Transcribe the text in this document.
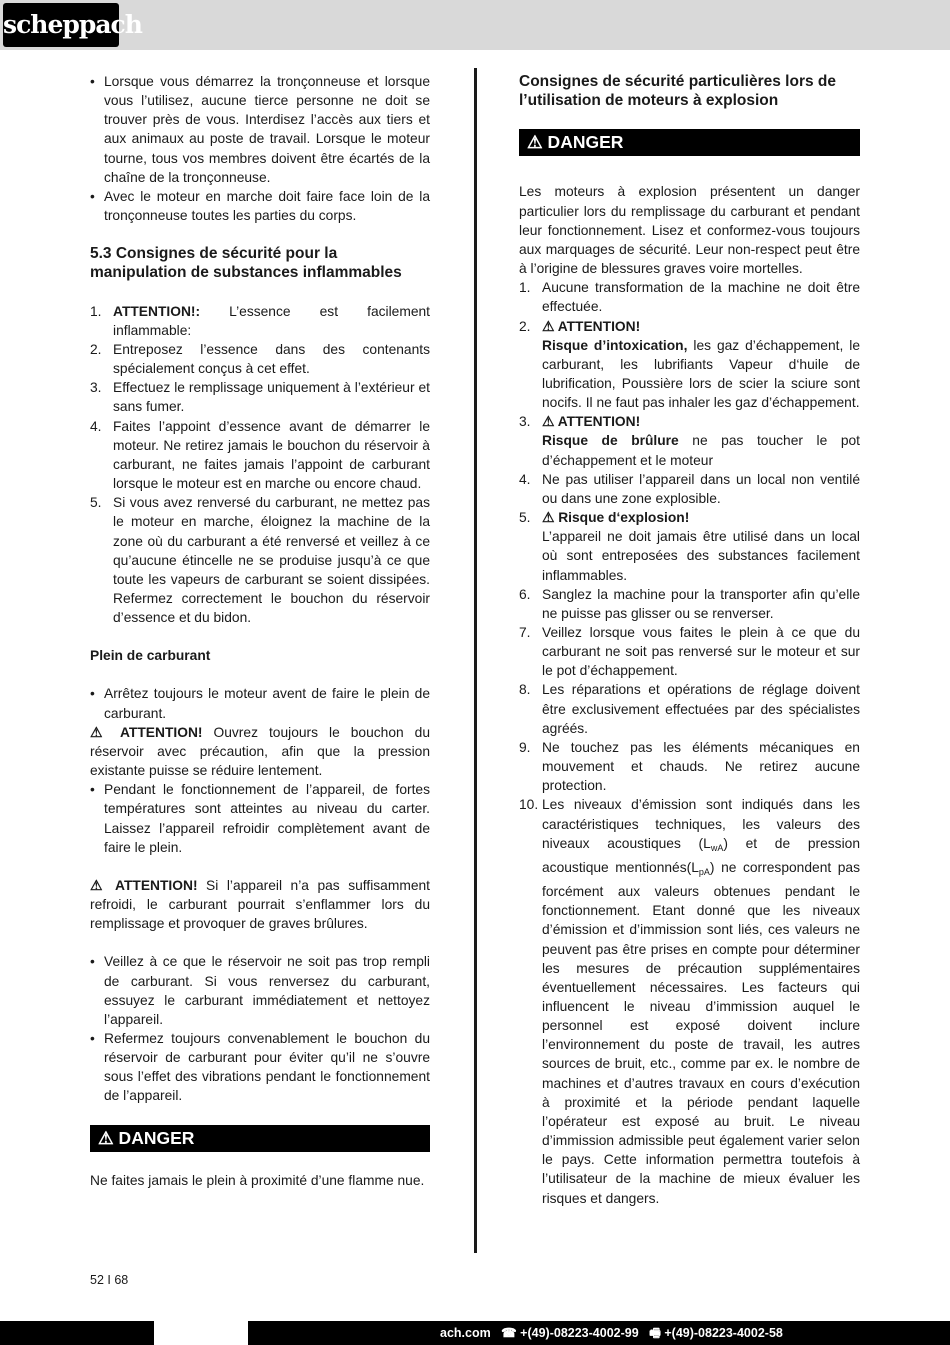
scheppach

• Lorsque vous démarrez la tronçonneuse et lorsque vous l’utilisez, aucune tierce personne ne doit se trouver près de vous. Interdisez l’accès aux tiers et aux animaux au poste de travail. Lorsque le moteur tourne, tous vos membres doivent être écartés de la chaîne de la tronçonneuse.

• Avec le moteur en marche doit faire face loin de la tronçonneuse toutes les parties du corps.

5.3 Consignes de sécurité pour la manipulation de substances inflammables

1. ATTENTION!: L’essence est facilement inflammable:

2. Entreposez l’essence dans des contenants spécialement conçus à cet effet.

3. Effectuez le remplissage uniquement à l’extérieur et sans fumer.

4. Faites l’appoint d’essence avant de démarrer le moteur. Ne retirez jamais le bouchon du réservoir à carburant, ne faites jamais l’appoint de carburant lorsque le moteur est en marche ou encore chaud.

5. Si vous avez renversé du carburant, ne mettez pas le moteur en marche, éloignez la machine de la zone où du carburant a été renversé et veillez à ce qu’aucune étincelle ne se produise jusqu’à ce que toute les vapeurs de carburant se soient dissipées. Refermez correctement le bouchon du réservoir d’essence et du bidon.

Plein de carburant

• Arrêtez toujours le moteur avent de faire le plein de carburant.

⚠ ATTENTION! Ouvrez toujours le bouchon du réservoir avec précaution, afin que la pression existante puisse se réduire lentement.

• Pendant le fonctionnement de l’appareil, de fortes températures sont atteintes au niveau du carter. Laissez l’appareil refroidir complètement avant de faire le plein.

⚠ ATTENTION! Si l’appareil n’a pas suffisamment refroidi, le carburant pourrait s’enflammer lors du remplissage et provoquer de graves brûlures.

• Veillez à ce que le réservoir ne soit pas trop rempli de carburant. Si vous renversez du carburant, essuyez le carburant immédiatement et nettoyez l’appareil.

• Refermez toujours convenablement le bouchon du réservoir de carburant pour éviter qu’il ne s’ouvre sous l’effet des vibrations pendant le fonctionnement de l’appareil.

⚠ DANGER

Ne faites jamais le plein à proximité d’une flamme nue.

Consignes de sécurité particulières lors de l’utilisation de moteurs à explosion

⚠ DANGER

Les moteurs à explosion présentent un danger particulier lors du remplissage du carburant et pendant leur fonctionnement. Lisez et conformez-vous toujours aux marquages de sécurité. Leur non-respect peut être à l’origine de blessures graves voire mortelles.

1. Aucune transformation de la machine ne doit être effectuée.

2. ⚠ ATTENTION!
Risque d’intoxication, les gaz d’échappement, le carburant, les lubrifiants Vapeur d‘huile de lubrification, Poussière lors de scier la sciure sont nocifs. Il ne faut pas inhaler les gaz d’échappement.

3. ⚠ ATTENTION!
Risque de brûlure ne pas toucher le pot d’échappement et le moteur

4. Ne pas utiliser l’appareil dans un local non ventilé ou dans une zone explosible.

5. ⚠ Risque d‘explosion!
L’appareil ne doit jamais être utilisé dans un local où sont entreposées des substances facilement inflammables.

6. Sanglez la machine pour la transporter afin qu’elle ne puisse pas glisser ou se renverser.

7. Veillez lorsque vous faites le plein à ce que du carburant ne soit pas renversé sur le moteur et sur le pot d’échappement.

8. Les réparations et opérations de réglage doivent être exclusivement effectuées par des spécialistes agréés.

9. Ne touchez pas les éléments mécaniques en mouvement et chauds. Ne retirez aucune protection.

10. Les niveaux d’émission sont indiqués dans les caractéristiques techniques, les valeurs des niveaux acoustiques $(L_{wA})$ et de pression acoustique $mentionnés(L_{pA})$ ne correspondent pas forcément aux valeurs obtenues pendant le fonctionnement. Etant donné que les niveaux d’émission et d’immission sont liés, ces valeurs ne peuvent pas être prises en compte pour déterminer les mesures de précaution supplémentaires éventuellement nécessaires. Les facteurs qui influencent le niveau d’immission auquel le personnel est exposé doivent inclure l’environnement du poste de travail, les autres sources de bruit, etc., comme par ex. le nombre de machines et d’autres travaux en cours d’exécution à proximité et la période pendant laquelle l’opérateur est exposé au bruit. Le niveau d’immission admissible peut également varier selon le pays. Cette information permettra toutefois à l’utilisateur de la machine de mieux évaluer les risques et dangers.

52 I 68
ach.com   ☎ +(49)-08223-4002-99   🖷 +(49)-08223-4002-58
